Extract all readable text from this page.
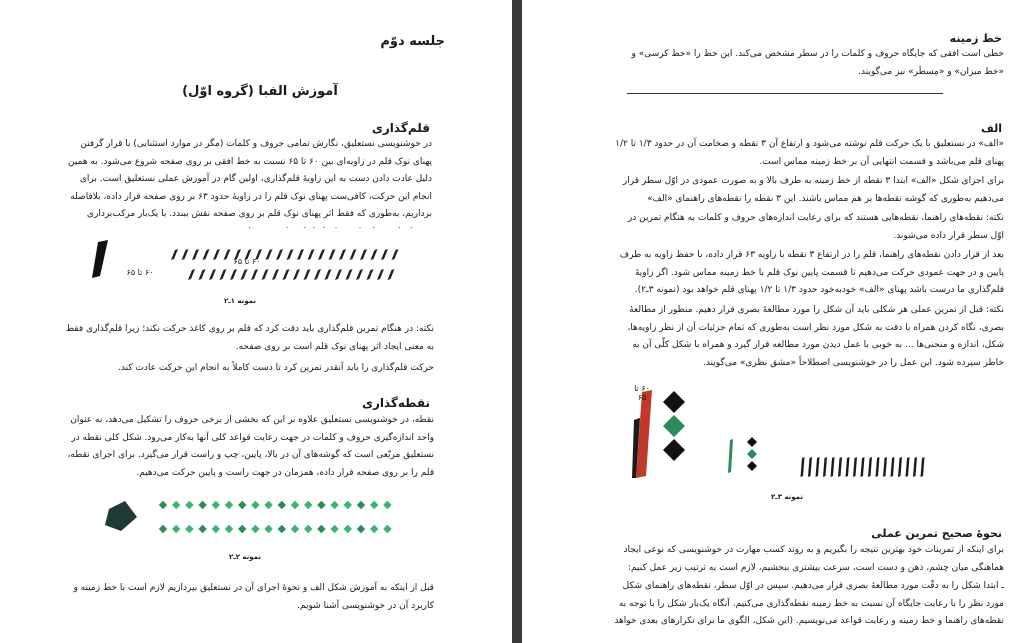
جلسه دوّم
آموزش الفبا (گروه اوّل)
قلم‌گذاری
در خوشنویسی نستعلیق، نگارش تمامی حروف و کلمات (مگر در موارد استثنایی) با قرار گرفتن پهنای نوک قلم در زاویه‌ای بین ۶۰ تا ۶۵ نسبت به خط افقی بر روی صفحه شروع می‌شود. به همین دلیل عادت دادن دست به این زاویهٔ قلم‌گذاری، اولین گام در آموزش عملی نستعلیق است. برای انجام این حرکت، کافی‌ست پهنای نوک قلم را در زاویهٔ حدود ۶۳ بر روی صفحه قرار داده، بلافاصله برداریم، به‌طوری که فقط اثر پهنای نوک قلم بر روی صفحه نقش ببندد. با یک‌بار مرکب‌برداری
۶۰ تا ۶۵
۶۰ تا ۶۵
نمونه ۱ـ۲
نکته: در هنگام تمرین قلم‌گذاری باید دقت کرد که قلم بر روی کاغذ حرکت نکند؛ زیرا قلم‌گذاری فقط به معنی ایجاد اثر پهنای نوک قلم است بر روی صفحه.
حرکت قلم‌گذاری را باید آنقدر تمرین کرد تا دست کاملاً به انجام این حرکت عادت کند.
نقطه‌گذاری
نقطه، در خوشنویسی نستعلیق علاوه بر این که بخشی از برخی حروف را تشکیل می‌دهد، به عنوان واحد اندازه‌گیری حروف و کلمات در جهت رعایت قواعد کلی آنها به‌کار می‌رود. شکل کلی نقطه در نستعلیق مربّعی است که گوشه‌های آن در بالا، پایین، چپ و راست قرار می‌گیرد. برای اجرای نقطه، قلم را بر روی صفحه قرار داده، همزمان در جهت راست و پایین حرکت می‌دهیم.
نمونه ۲ـ۲
قبل از اینکه به آموزش شکل الف و نحوهٔ اجرای آن در نستعلیق بپردازیم لازم است با خط زمینه و کاربرد آن در خوشنویسی آشنا شویم.
خط زمینه
خطی است افقی که جایگاه حروف و کلمات را در سطر مشخص می‌کند. این خط را «خط کرسی» و «خط میزان» و «مِسطَر» نیز می‌گویند.
الف
«الف» در نستعلیق با یک حرکت قلم نوشته می‌شود و ارتفاع آن ۳ نقطه و ضخامت آن در حدود ۱/۳ تا ۱/۲ پهنای قلم می‌باشد و قسمت انتهایی آن بر خط زمینه مماس است.
برای اجرای شکل «الف» ابتدا ۳ نقطه از خط زمینه به طرف بالا و به صورت عمودی در اوّل سطر قرار می‌دهیم به‌طوری که گوشه نقطه‌ها بر هم مماس باشند. این ۳ نقطه را نقطه‌های راهنمای «الف»
نکته: نقطه‌های راهنما، نقطه‌هایی هستند که برای رعایت اندازه‌های حروف و کلمات به هنگام تمرین در اوّل سطر قرار داده می‌شوند.
بعد از قرار دادن نقطه‌های راهنما، قلم را در ارتفاع ۳ نقطه با زاویه ۶۳ قرار داده، با حفظ زاویه به طرف پایین و در جهت عمودی حرکت می‌دهیم تا قسمت پایین نوک قلم با خط زمینه مماس شود. اگر زاویهٔ قلم‌گذاری ما درست باشد پهنای «الف» خودبه‌خود حدود ۱/۳ تا ۱/۲ پهنای قلم خواهد بود (نمونه ۳ـ۲).
نکته: قبل از تمرین عملی هر شکلی باید آن شکل را مورد مطالعهٔ بصری قرار دهیم. منظور از مطالعهٔ بصری، نگاه کردن همراه با دقت به شکل مورد نظر است به‌طوری که تمام جزئیات آن از نظر زاویه‌ها، شکل، اندازه و منحنی‌ها ... به خوبی با عمل دیدن مورد مطالعه قرار گیرد و همراه با شکل کلّی آن به خاطر سپرده شود. این عمل را در خوشنویسی اصطلاحاً «مشق نظری» می‌گویند.
۶۰ تا ۶۵
نمونه ۳ـ۲
نحوهٔ صحیح تمرین عملی
برای اینکه از تمرینات خود بهترین نتیجه را بگیریم و به روند کسب مهارت در خوشنویسی که نوعی ایجاد هماهنگی میان چشم، ذهن و دست است، سرعت بیشتری ببخشیم، لازم است به ترتیب زیر عمل کنیم:
ـ ابتدا شکل را به دقّت مورد مطالعهٔ بصری قرار می‌دهیم. سپس در اوّل سطر، نقطه‌های راهنمای شکل مورد نظر را با رعایت جایگاه آن نسبت به خط زمینه نقطه‌گذاری می‌کنیم. آنگاه یک‌بار شکل را با توجه به نقطه‌های راهنما و خط زمینه و رعایت قواعد می‌نویسیم. (این شکل، الگوی ما برای تکرارهای بعدی خواهد
